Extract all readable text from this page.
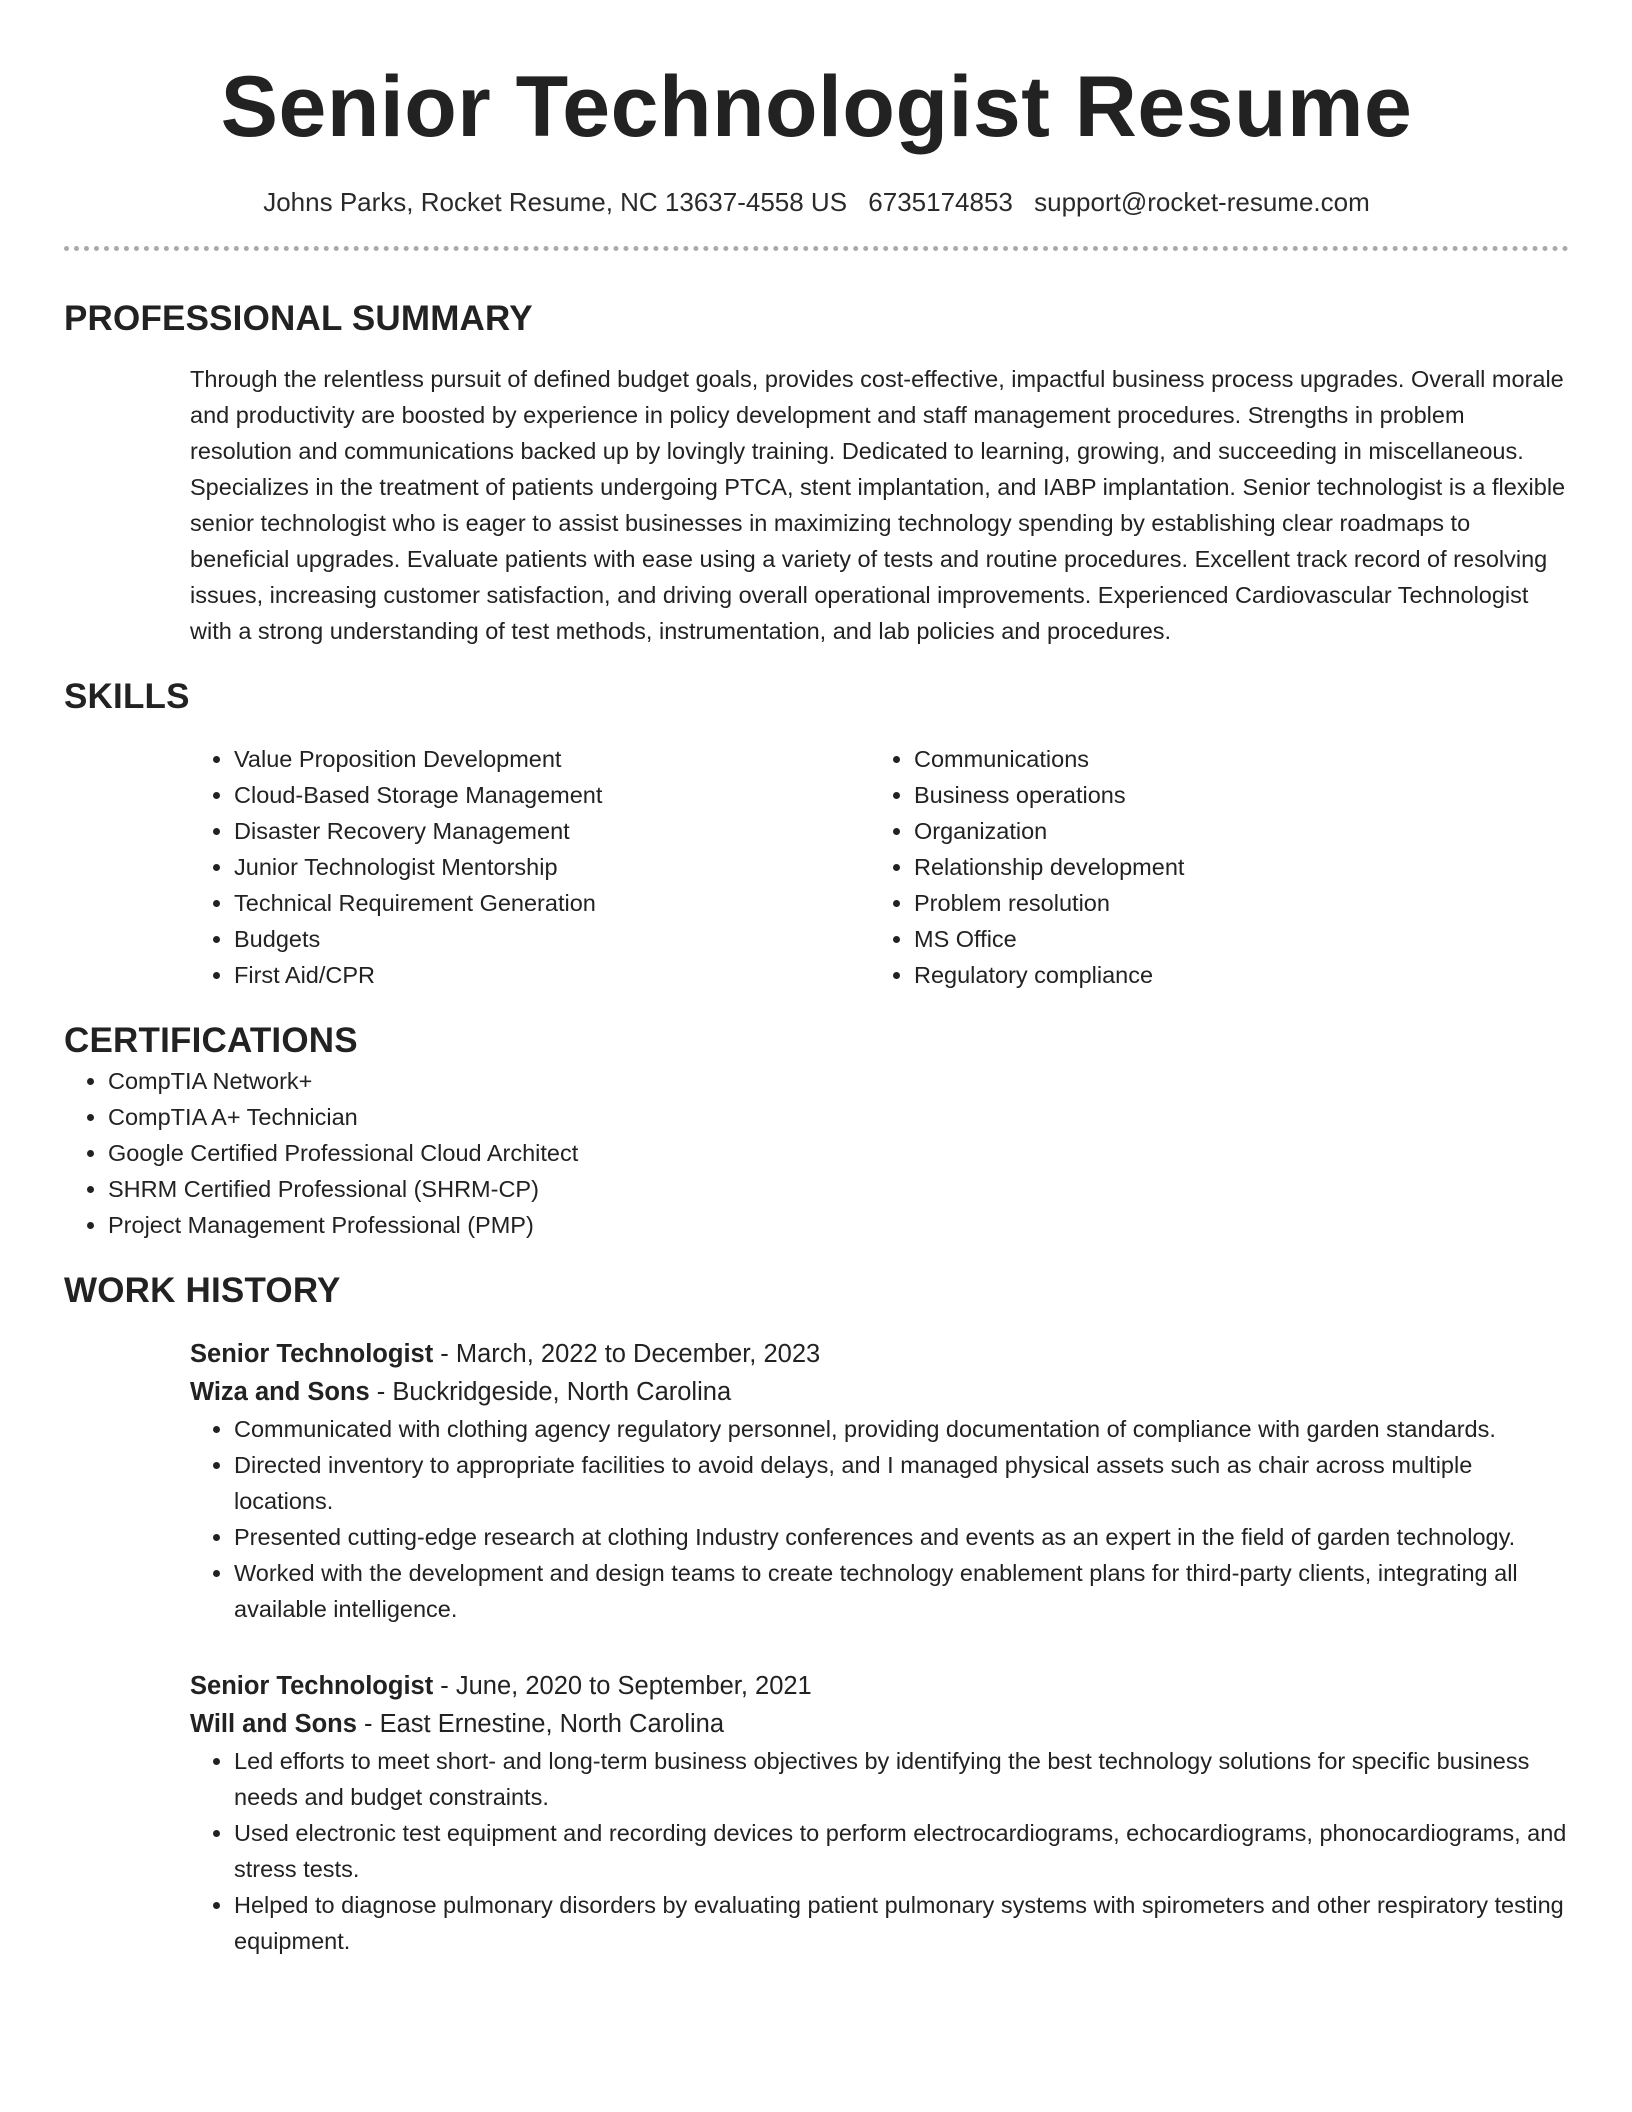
Senior Technologist Resume
Johns Parks, Rocket Resume, NC 13637-4558 US 6735174853 support@rocket-resume.com
PROFESSIONAL SUMMARY

Through the relentless pursuit of defined budget goals, provides cost-effective, impactful business process upgrades. Overall morale and productivity are boosted by experience in policy development and staff management procedures. Strengths in problem resolution and communications backed up by lovingly training. Dedicated to learning, growing, and succeeding in miscellaneous. Specializes in the treatment of patients undergoing PTCA, stent implantation, and IABP implantation. Senior technologist is a flexible senior technologist who is eager to assist businesses in maximizing technology spending by establishing clear roadmaps to beneficial upgrades. Evaluate patients with ease using a variety of tests and routine procedures. Excellent track record of resolving issues, increasing customer satisfaction, and driving overall operational improvements. Experienced Cardiovascular Technologist with a strong understanding of test methods, instrumentation, and lab policies and procedures.

SKILLS
• Value Proposition Development
• Cloud-Based Storage Management
• Disaster Recovery Management
• Junior Technologist Mentorship
• Technical Requirement Generation
• Budgets
• First Aid/CPR
• Communications
• Business operations
• Organization
• Relationship development
• Problem resolution
• MS Office
• Regulatory compliance
CERTIFICATIONS
• CompTIA Network+
• CompTIA A+ Technician
• Google Certified Professional Cloud Architect
• SHRM Certified Professional (SHRM-CP)
• Project Management Professional (PMP)
WORK HISTORY
Senior Technologist - March, 2022 to December, 2023
Wiza and Sons - Buckridgeside, North Carolina
• Communicated with clothing agency regulatory personnel, providing documentation of compliance with garden standards.
• Directed inventory to appropriate facilities to avoid delays, and I managed physical assets such as chair across multiple locations.
• Presented cutting-edge research at clothing Industry conferences and events as an expert in the field of garden technology.
• Worked with the development and design teams to create technology enablement plans for third-party clients, integrating all available intelligence.
Senior Technologist - June, 2020 to September, 2021
Will and Sons - East Ernestine, North Carolina
• Led efforts to meet short- and long-term business objectives by identifying the best technology solutions for specific business needs and budget constraints.
• Used electronic test equipment and recording devices to perform electrocardiograms, echocardiograms, phonocardiograms, and stress tests.
• Helped to diagnose pulmonary disorders by evaluating patient pulmonary systems with spirometers and other respiratory testing equipment.
